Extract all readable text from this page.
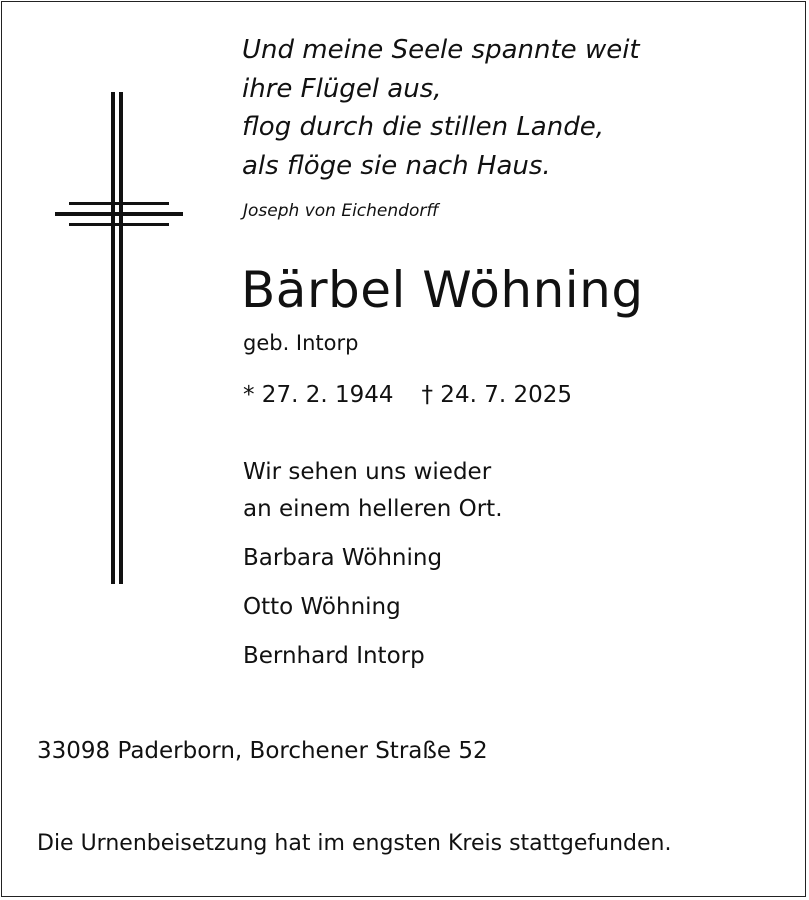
Und meine Seele spannte weit
ihre Flügel aus,
flog durch die stillen Lande,
als flöge sie nach Haus.
Joseph von Eichendorff
Bärbel Wöhning
geb. Intorp
* 27. 2. 1944 † 24. 7. 2025
Wir sehen uns wieder
an einem helleren Ort.
Barbara Wöhning
Otto Wöhning
Bernhard Intorp
33098 Paderborn, Borchener Straße 52
Die Urnenbeisetzung hat im engsten Kreis stattgefunden.
